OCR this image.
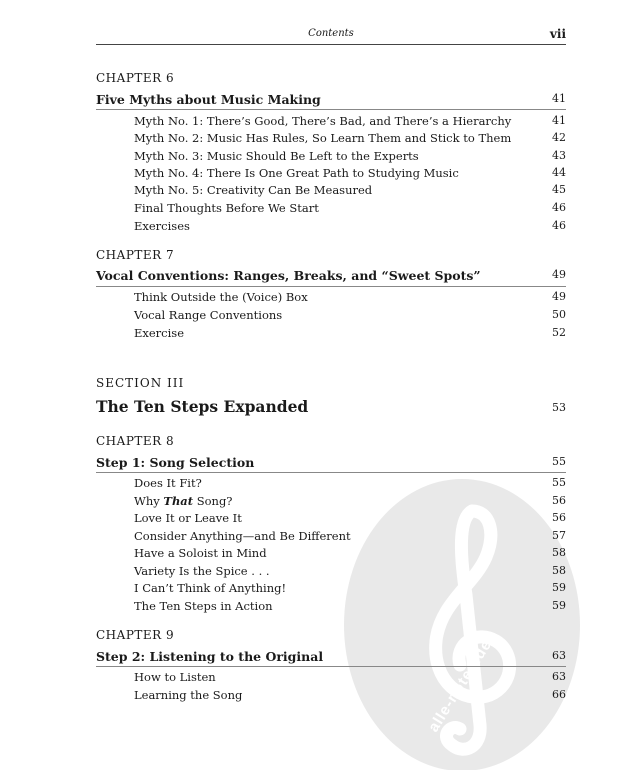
alle-noten.de
Contents	vii
CHAPTER 6
Five Myths about Music Making	41
Myth No. 1: There’s Good, There’s Bad, and There’s a Hierarchy	41
Myth No. 2: Music Has Rules, So Learn Them and Stick to Them	42
Myth No. 3: Music Should Be Left to the Experts	43
Myth No. 4: There Is One Great Path to Studying Music	44
Myth No. 5: Creativity Can Be Measured	45
Final Thoughts Before We Start	46
Exercises	46
CHAPTER 7
Vocal Conventions: Ranges, Breaks, and “Sweet Spots”	49
Think Outside the (Voice) Box	49
Vocal Range Conventions	50
Exercise	52
SECTION III
The Ten Steps Expanded	53
CHAPTER 8
Step 1: Song Selection	55
Does It Fit?	55
Why That Song?	56
Love It or Leave It	56
Consider Anything—and Be Different	57
Have a Soloist in Mind	58
Variety Is the Spice . . .	58
I Can’t Think of Anything!	59
The Ten Steps in Action	59
CHAPTER 9
Step 2: Listening to the Original	63
How to Listen	63
Learning the Song	66
